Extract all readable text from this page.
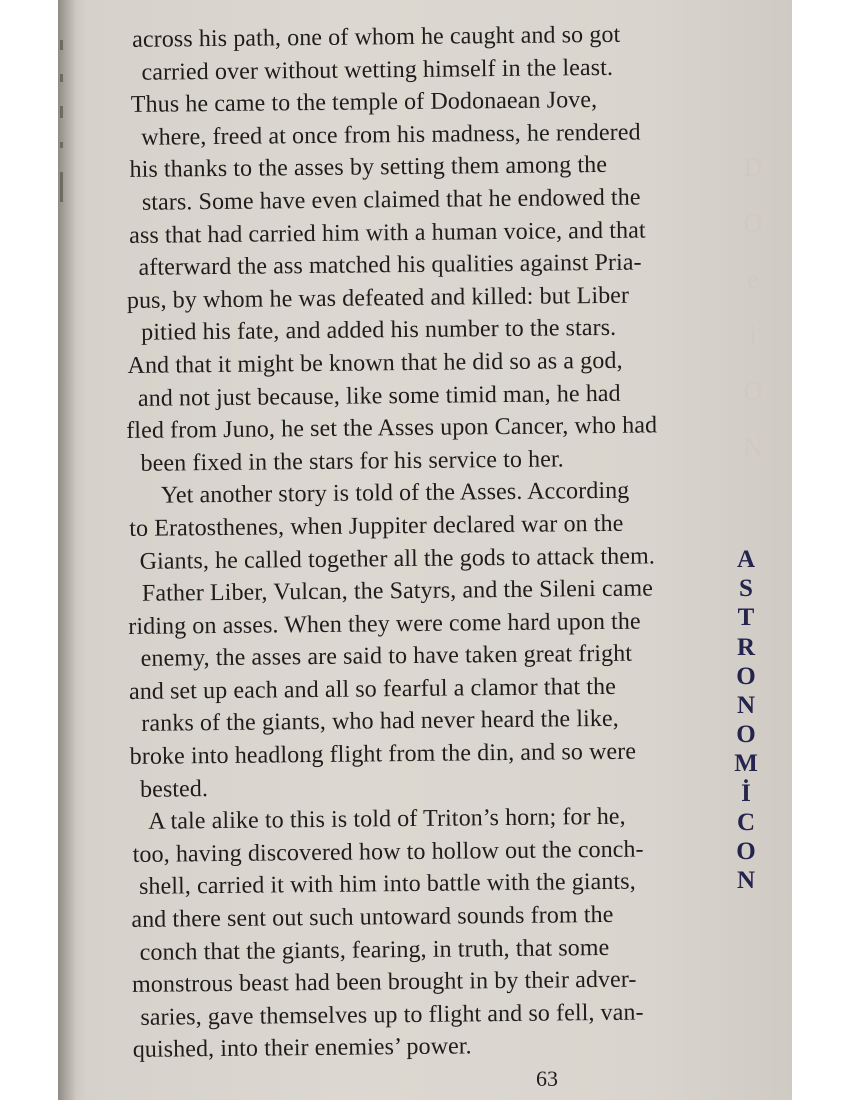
D
O
e
i
O
N
across his path, one of whom he caught and so got
carried over without wetting himself in the least.
Thus he came to the temple of Dodonaean Jove,
where, freed at once from his madness, he rendered
his thanks to the asses by setting them among the
stars. Some have even claimed that he endowed the
ass that had carried him with a human voice, and that
afterward the ass matched his qualities against Pria-
pus, by whom he was defeated and killed: but Liber
pitied his fate, and added his number to the stars.
And that it might be known that he did so as a god,
and not just because, like some timid man, he had
fled from Juno, he set the Asses upon Cancer, who had
been fixed in the stars for his service to her.
Yet another story is told of the Asses. According
to Eratosthenes, when Juppiter declared war on the
Giants, he called together all the gods to attack them.
Father Liber, Vulcan, the Satyrs, and the Sileni came
riding on asses. When they were come hard upon the
enemy, the asses are said to have taken great fright
and set up each and all so fearful a clamor that the
ranks of the giants, who had never heard the like,
broke into headlong flight from the din, and so were
bested.
A tale alike to this is told of Triton’s horn; for he,
too, having discovered how to hollow out the conch-
shell, carried it with him into battle with the giants,
and there sent out such untoward sounds from the
conch that the giants, fearing, in truth, that some
monstrous beast had been brought in by their adver-
saries, gave themselves up to flight and so fell, van-
quished, into their enemies’ power.
A
S
T
R
O
N
O
M
İ
C
O
N
63
